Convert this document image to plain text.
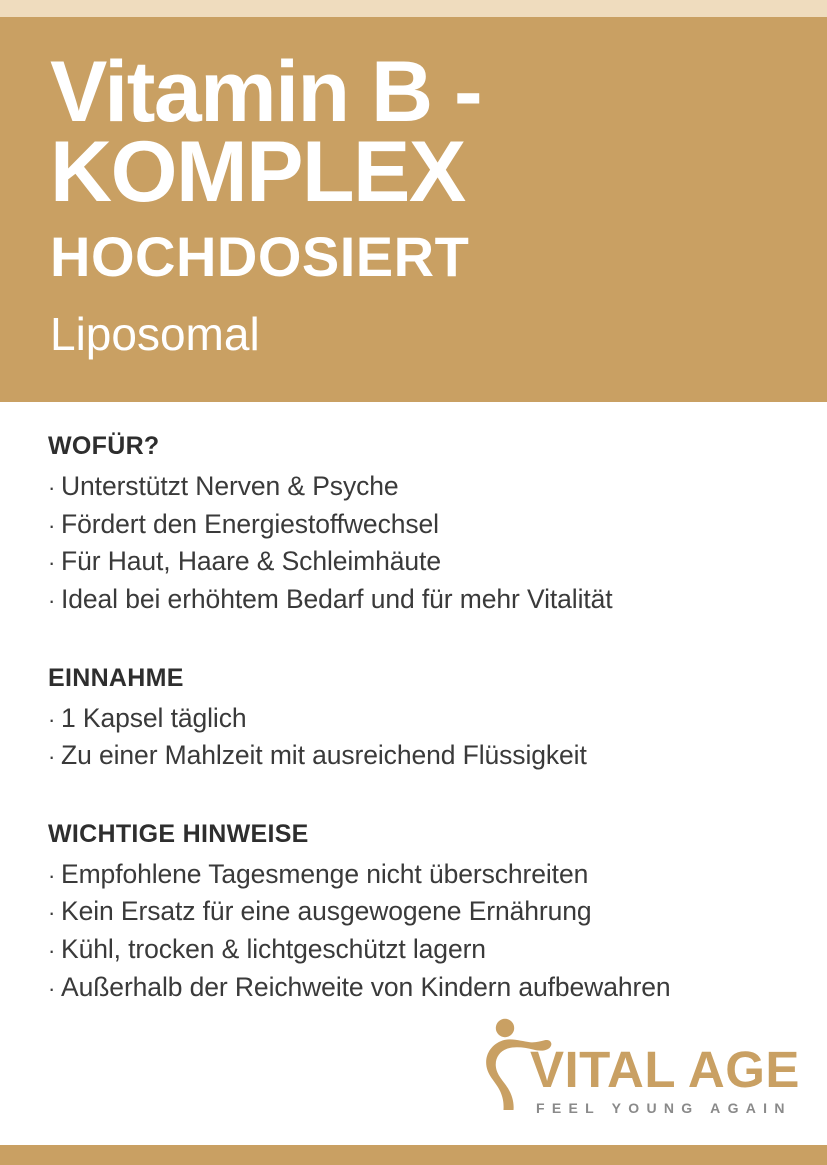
Vitamin B -
KOMPLEX
HOCHDOSIERT
Liposomal
WOFÜR?
· Unterstützt Nerven & Psyche
· Fördert den Energiestoffwechsel
· Für Haut, Haare & Schleimhäute
· Ideal bei erhöhtem Bedarf und für mehr Vitalität
EINNAHME
· 1 Kapsel täglich
· Zu einer Mahlzeit mit ausreichend Flüssigkeit
WICHTIGE HINWEISE
· Empfohlene Tagesmenge nicht überschreiten
· Kein Ersatz für eine ausgewogene Ernährung
· Kühl, trocken & lichtgeschützt lagern
· Außerhalb der Reichweite von Kindern aufbewahren
VITAL AGE
FEEL YOUNG AGAIN
